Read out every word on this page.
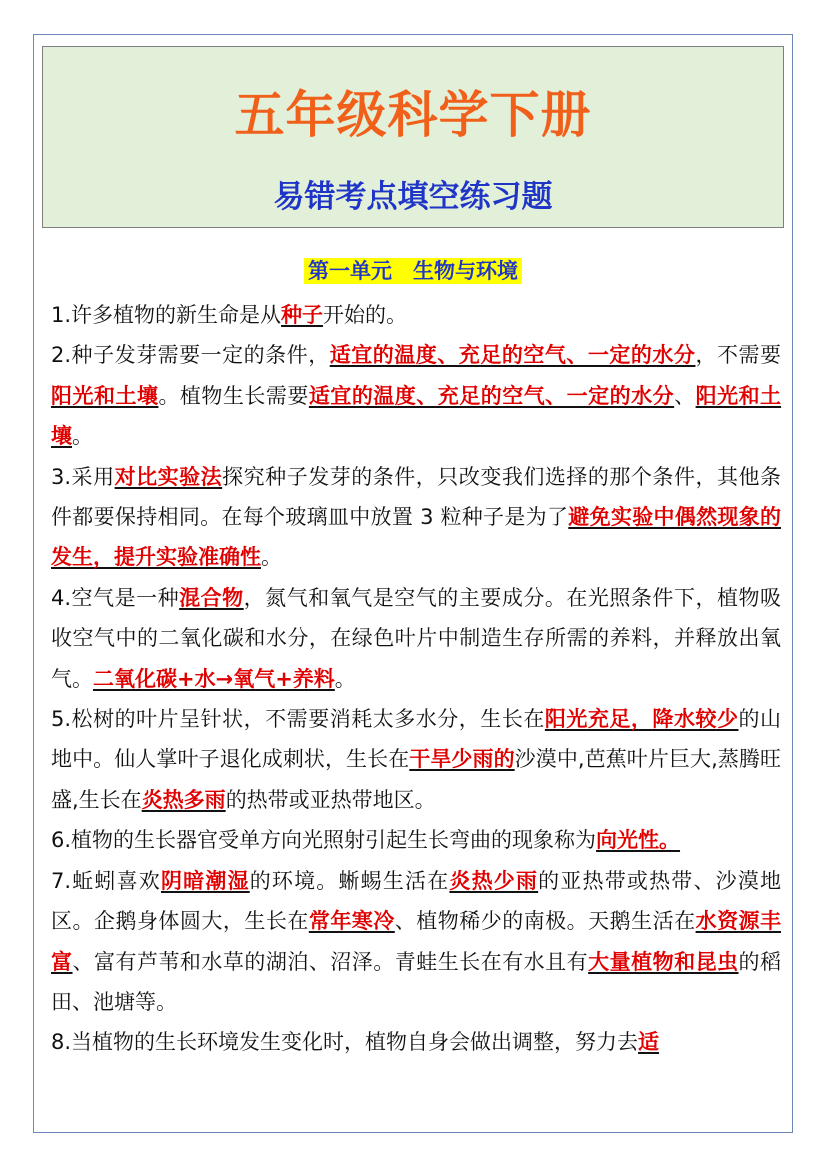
五年级科学下册
易错考点填空练习题
第一单元　生物与环境

1.许多植物的新生命是从种子开始的。

2.种子发芽需要一定的条件，适宜的温度、充足的空气、一定的水分，不需要阳光和土壤。植物生长需要适宜的温度、充足的空气、一定的水分、阳光和土壤。

3.采用对比实验法探究种子发芽的条件，只改变我们选择的那个条件，其他条件都要保持相同。在每个玻璃皿中放置 3 粒种子是为了避免实验中偶然现象的发生，提升实验准确性。

4.空气是一种混合物，氮气和氧气是空气的主要成分。在光照条件下，植物吸收空气中的二氧化碳和水分，在绿色叶片中制造生存所需的养料，并释放出氧气。二氧化碳+水→氧气+养料。

5.松树的叶片呈针状，不需要消耗太多水分，生长在阳光充足，降水较少的山地中。仙人掌叶子退化成刺状，生长在干旱少雨的沙漠中,芭蕉叶片巨大,蒸腾旺盛,生长在炎热多雨的热带或亚热带地区。

6.植物的生长器官受单方向光照射引起生长弯曲的现象称为向光性。

7.蚯蚓喜欢阴暗潮湿的环境。蜥蜴生活在炎热少雨的亚热带或热带、沙漠地区。企鹅身体圆大，生长在常年寒冷、植物稀少的南极。天鹅生活在水资源丰富、富有芦苇和水草的湖泊、沼泽。青蛙生长在有水且有大量植物和昆虫的稻田、池塘等。

8.当植物的生长环境发生变化时，植物自身会做出调整，努力去适
